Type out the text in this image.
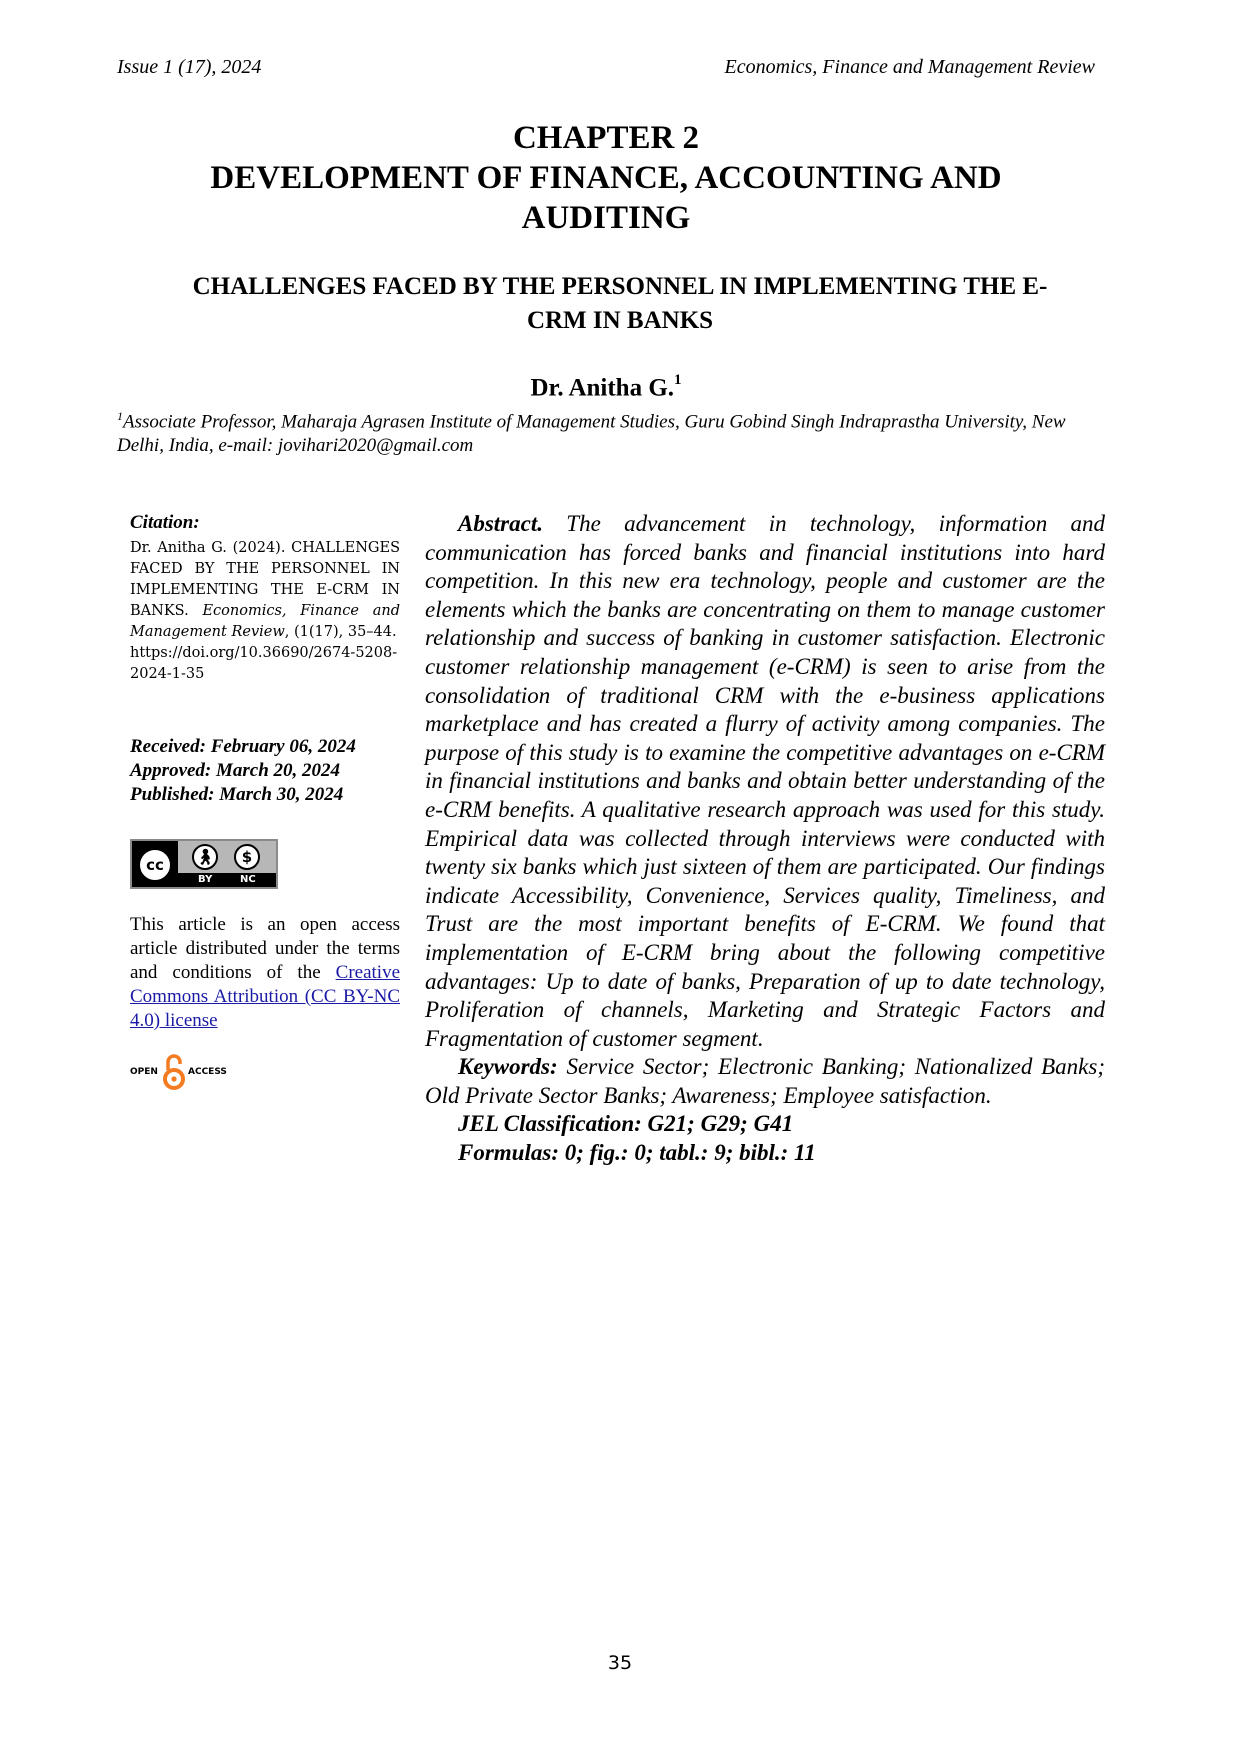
Issue 1 (17), 2024	Economics, Finance and Management Review
CHAPTER 2
DEVELOPMENT OF FINANCE, ACCOUNTING AND
AUDITING
CHALLENGES FACED BY THE PERSONNEL IN IMPLEMENTING THE E-
CRM IN BANKS
Dr. Anitha G.$^1$
$^1$Associate Professor, Maharaja Agrasen Institute of Management Studies, Guru Gobind Singh Indraprastha University, New Delhi, India, e-mail: jovihari2020@gmail.com
Citation:
Dr. Anitha G. (2024). CHALLENGES FACED BY THE PERSONNEL IN IMPLEMENTING THE E-CRM IN BANKS. Economics, Finance and Management Review, (1(17), 35–44.
https://doi.org/10.36690/2674-5208-2024-1-35
Received: February 06, 2024
Approved: March 20, 2024
Published: March 30, 2024
cc	🚶︎	$
BY	NC
This article is an open access article distributed under the terms and conditions of the Creative Commons Attribution (CC BY-NC 4.0) license
OPEN	ACCESS

Abstract. The advancement in technology, information and communication has forced banks and financial institutions into hard competition. In this new era technology, people and customer are the elements which the banks are concentrating on them to manage customer relationship and success of banking in customer satisfaction. Electronic customer relationship management (e-CRM) is seen to arise from the consolidation of traditional CRM with the e-business applications marketplace and has created a flurry of activity among companies. The purpose of this study is to examine the competitive advantages on e-CRM in financial institutions and banks and obtain better understanding of the e-CRM benefits. A qualitative research approach was used for this study. Empirical data was collected through interviews were conducted with twenty six banks which just sixteen of them are participated. Our findings indicate Accessibility, Convenience, Services quality, Timeliness, and Trust are the most important benefits of E-CRM. We found that implementation of E-CRM bring about the following competitive advantages: Up to date of banks, Preparation of up to date technology, Proliferation of channels, Marketing and Strategic Factors and Fragmentation of customer segment.

Keywords: Service Sector; Electronic Banking; Nationalized Banks; Old Private Sector Banks; Awareness; Employee satisfaction.

JEL Classification: G21; G29; G41

Formulas: 0; fig.: 0; tabl.: 9; bibl.: 11

35
